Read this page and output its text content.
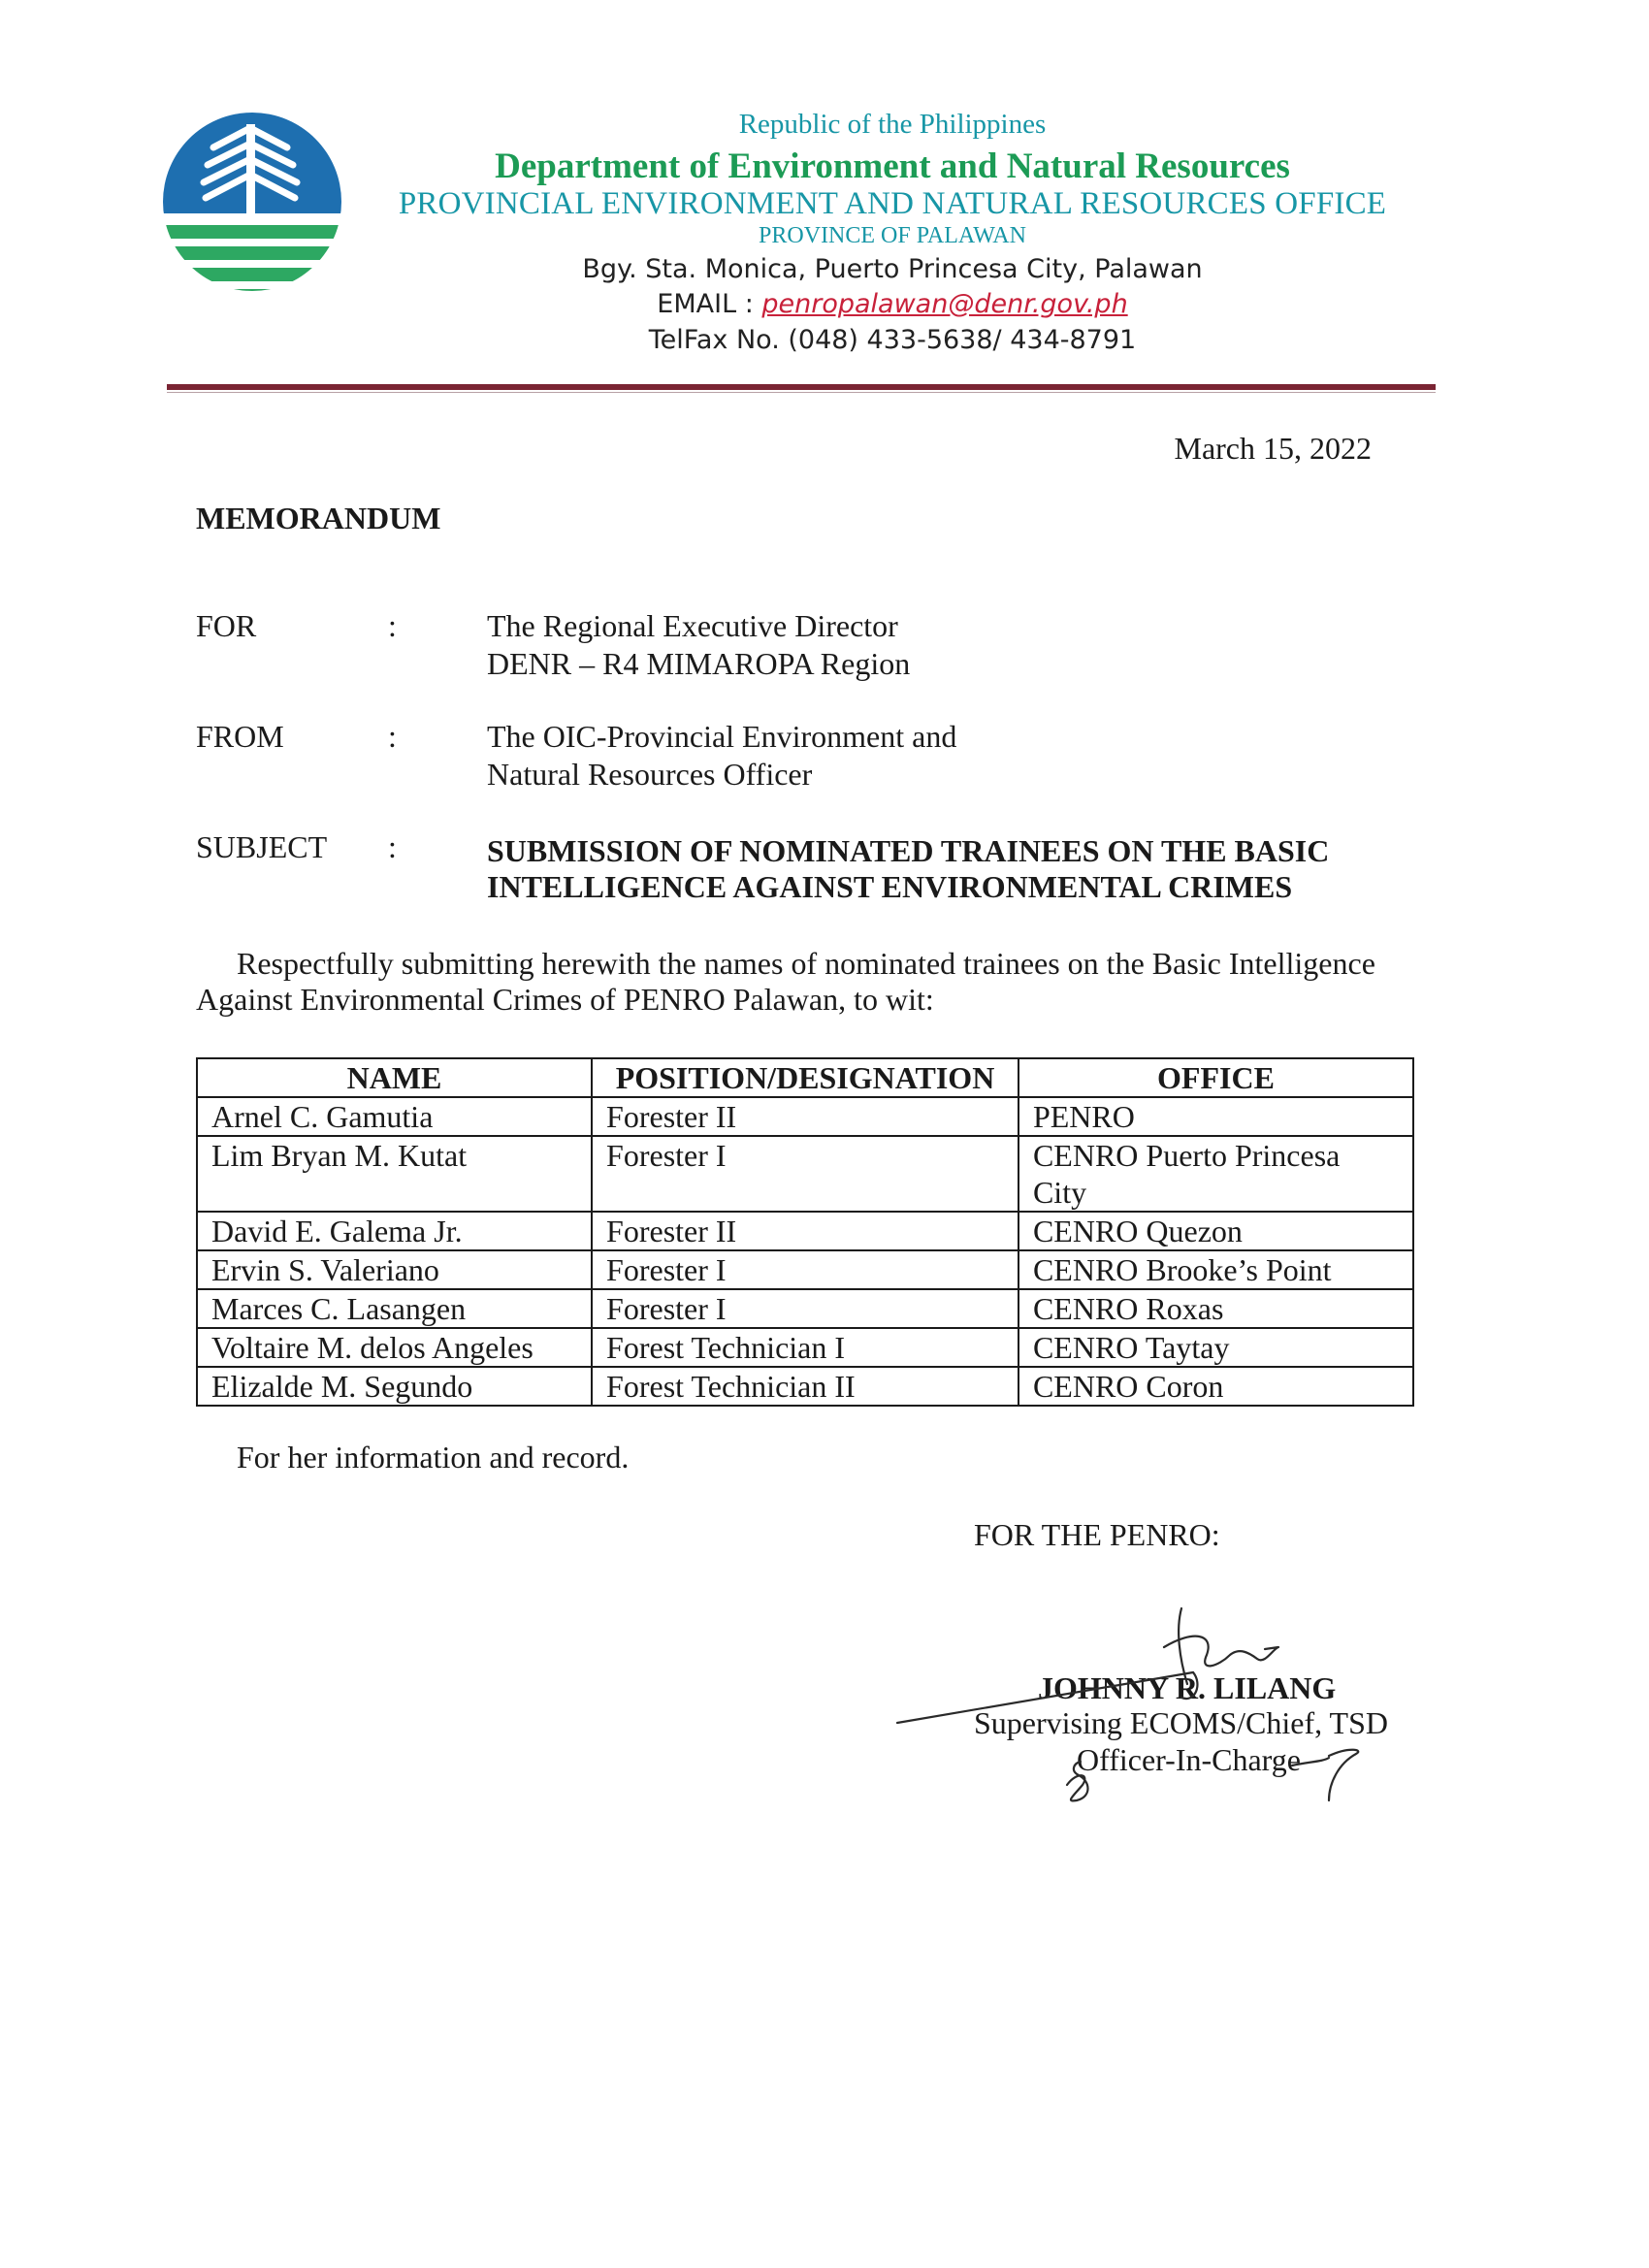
Republic of the Philippines
Department of Environment and Natural Resources
PROVINCIAL ENVIRONMENT AND NATURAL RESOURCES OFFICE
PROVINCE OF PALAWAN
Bgy. Sta. Monica, Puerto Princesa City, Palawan
EMAIL : penropalawan@denr.gov.ph
TelFax No. (048) 433-5638/ 434-8791
March 15, 2022
MEMORANDUM
FOR	:	The Regional Executive Director
DENR – R4 MIMAROPA Region
FROM	:	The OIC-Provincial Environment and
Natural Resources Officer
SUBJECT :	SUBMISSION OF NOMINATED TRAINEES ON THE BASIC
INTELLIGENCE AGAINST ENVIRONMENTAL CRIMES
Respectfully submitting herewith the names of nominated trainees on the Basic Intelligence
Against Environmental Crimes of PENRO Palawan, to wit:
NAME	POSITION/DESIGNATION	OFFICE
Arnel C. Gamutia	Forester II	PENRO
Lim Bryan M. Kutat	Forester I	CENRO Puerto Princesa City
David E. Galema Jr.	Forester II	CENRO Quezon
Ervin S. Valeriano	Forester I	CENRO Brooke’s Point
Marces C. Lasangen	Forester I	CENRO Roxas
Voltaire M. delos Angeles	Forest Technician I	CENRO Taytay
Elizalde M. Segundo	Forest Technician II	CENRO Coron
For her information and record.
FOR THE PENRO:
JOHNNY R. LILANG
Supervising ECOMS/Chief, TSD
Officer-In-Charge
